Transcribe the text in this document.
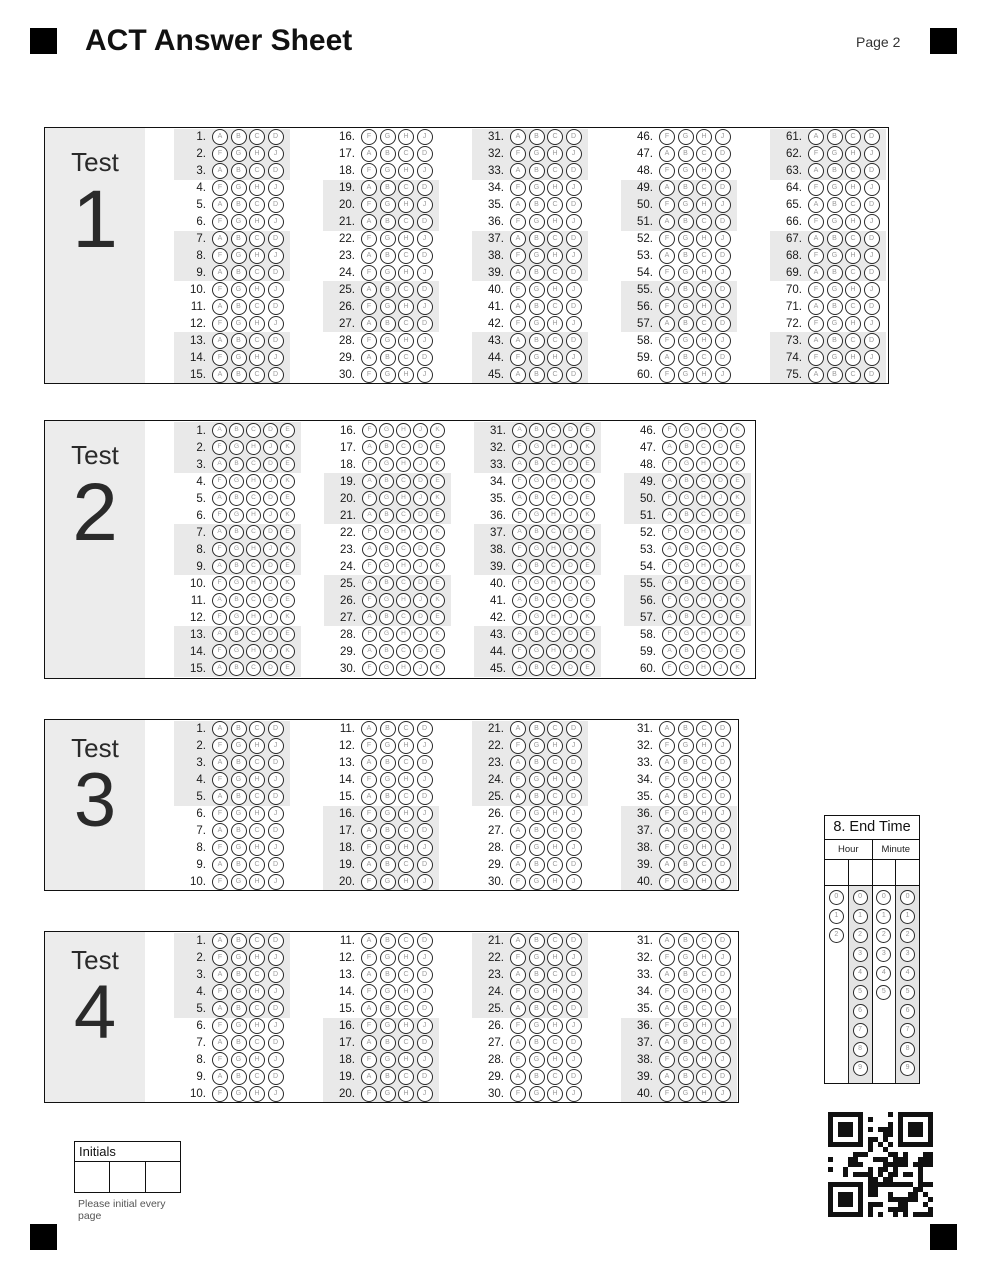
ACT Answer Sheet	Page 2
Test
1
1.	A	B	C	D
2.	F	G	H	J
3.	A	B	C	D
4.	F	G	H	J
5.	A	B	C	D
6.	F	G	H	J
7.	A	B	C	D
8.	F	G	H	J
9.	A	B	C	D
10.	F	G	H	J
11.	A	B	C	D
12.	F	G	H	J
13.	A	B	C	D
14.	F	G	H	J
15.	A	B	C	D
16.	F	G	H	J
17.	A	B	C	D
18.	F	G	H	J
19.	A	B	C	D
20.	F	G	H	J
21.	A	B	C	D
22.	F	G	H	J
23.	A	B	C	D
24.	F	G	H	J
25.	A	B	C	D
26.	F	G	H	J
27.	A	B	C	D
28.	F	G	H	J
29.	A	B	C	D
30.	F	G	H	J
31.	A	B	C	D
32.	F	G	H	J
33.	A	B	C	D
34.	F	G	H	J
35.	A	B	C	D
36.	F	G	H	J
37.	A	B	C	D
38.	F	G	H	J
39.	A	B	C	D
40.	F	G	H	J
41.	A	B	C	D
42.	F	G	H	J
43.	A	B	C	D
44.	F	G	H	J
45.	A	B	C	D
46.	F	G	H	J
47.	A	B	C	D
48.	F	G	H	J
49.	A	B	C	D
50.	F	G	H	J
51.	A	B	C	D
52.	F	G	H	J
53.	A	B	C	D
54.	F	G	H	J
55.	A	B	C	D
56.	F	G	H	J
57.	A	B	C	D
58.	F	G	H	J
59.	A	B	C	D
60.	F	G	H	J
61.	A	B	C	D
62.	F	G	H	J
63.	A	B	C	D
64.	F	G	H	J
65.	A	B	C	D
66.	F	G	H	J
67.	A	B	C	D
68.	F	G	H	J
69.	A	B	C	D
70.	F	G	H	J
71.	A	B	C	D
72.	F	G	H	J
73.	A	B	C	D
74.	F	G	H	J
75.	A	B	C	D
Test
2
1.	A	B	C	D	E
2.	F	G	H	J	K
3.	A	B	C	D	E
4.	F	G	H	J	K
5.	A	B	C	D	E
6.	F	G	H	J	K
7.	A	B	C	D	E
8.	F	G	H	J	K
9.	A	B	C	D	E
10.	F	G	H	J	K
11.	A	B	C	D	E
12.	F	G	H	J	K
13.	A	B	C	D	E
14.	F	G	H	J	K
15.	A	B	C	D	E
16.	F	G	H	J	K
17.	A	B	C	D	E
18.	F	G	H	J	K
19.	A	B	C	D	E
20.	F	G	H	J	K
21.	A	B	C	D	E
22.	F	G	H	J	K
23.	A	B	C	D	E
24.	F	G	H	J	K
25.	A	B	C	D	E
26.	F	G	H	J	K
27.	A	B	C	D	E
28.	F	G	H	J	K
29.	A	B	C	D	E
30.	F	G	H	J	K
31.	A	B	C	D	E
32.	F	G	H	J	K
33.	A	B	C	D	E
34.	F	G	H	J	K
35.	A	B	C	D	E
36.	F	G	H	J	K
37.	A	B	C	D	E
38.	F	G	H	J	K
39.	A	B	C	D	E
40.	F	G	H	J	K
41.	A	B	C	D	E
42.	F	G	H	J	K
43.	A	B	C	D	E
44.	F	G	H	J	K
45.	A	B	C	D	E
46.	F	G	H	J	K
47.	A	B	C	D	E
48.	F	G	H	J	K
49.	A	B	C	D	E
50.	F	G	H	J	K
51.	A	B	C	D	E
52.	F	G	H	J	K
53.	A	B	C	D	E
54.	F	G	H	J	K
55.	A	B	C	D	E
56.	F	G	H	J	K
57.	A	B	C	D	E
58.	F	G	H	J	K
59.	A	B	C	D	E
60.	F	G	H	J	K
Test
3
1.	A	B	C	D
2.	F	G	H	J
3.	A	B	C	D
4.	F	G	H	J
5.	A	B	C	D
6.	F	G	H	J
7.	A	B	C	D
8.	F	G	H	J
9.	A	B	C	D
10.	F	G	H	J
11.	A	B	C	D
12.	F	G	H	J
13.	A	B	C	D
14.	F	G	H	J
15.	A	B	C	D
16.	F	G	H	J
17.	A	B	C	D
18.	F	G	H	J
19.	A	B	C	D
20.	F	G	H	J
21.	A	B	C	D
22.	F	G	H	J
23.	A	B	C	D
24.	F	G	H	J
25.	A	B	C	D
26.	F	G	H	J
27.	A	B	C	D
28.	F	G	H	J
29.	A	B	C	D
30.	F	G	H	J
31.	A	B	C	D
32.	F	G	H	J
33.	A	B	C	D
34.	F	G	H	J
35.	A	B	C	D
36.	F	G	H	J
37.	A	B	C	D
38.	F	G	H	J
39.	A	B	C	D
40.	F	G	H	J
Test
4
1.	A	B	C	D
2.	F	G	H	J
3.	A	B	C	D
4.	F	G	H	J
5.	A	B	C	D
6.	F	G	H	J
7.	A	B	C	D
8.	F	G	H	J
9.	A	B	C	D
10.	F	G	H	J
11.	A	B	C	D
12.	F	G	H	J
13.	A	B	C	D
14.	F	G	H	J
15.	A	B	C	D
16.	F	G	H	J
17.	A	B	C	D
18.	F	G	H	J
19.	A	B	C	D
20.	F	G	H	J
21.	A	B	C	D
22.	F	G	H	J
23.	A	B	C	D
24.	F	G	H	J
25.	A	B	C	D
26.	F	G	H	J
27.	A	B	C	D
28.	F	G	H	J
29.	A	B	C	D
30.	F	G	H	J
31.	A	B	C	D
32.	F	G	H	J
33.	A	B	C	D
34.	F	G	H	J
35.	A	B	C	D
36.	F	G	H	J
37.	A	B	C	D
38.	F	G	H	J
39.	A	B	C	D
40.	F	G	H	J
8. End Time
Hour	Minute
0
1
2
0
1
2
3
4
5
6
7
8
9
0
1
2
3
4
5
0
1
2
3
4
5
6
7
8
9
Initials
Please initial every page
